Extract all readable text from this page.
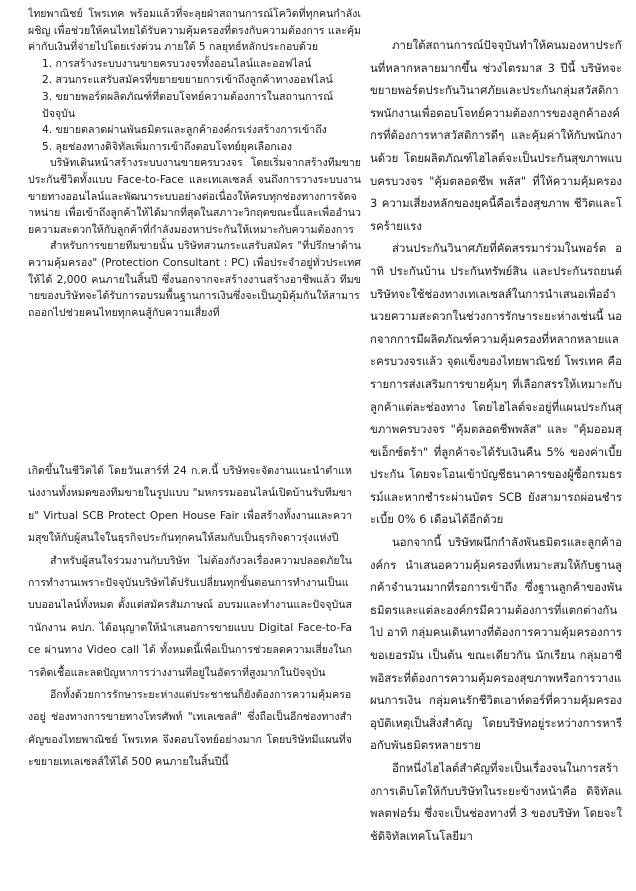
ไทยพาณิชย์ โพรเทค พร้อมแล้วที่จะลุยฝ่าสถานการณ์โควิดที่ทุกคนกำลังเผชิญ เพื่อช่วยให้คนไทยได้รับความคุ้มครองที่ตรงกับความต้องการ และคุ้มค่ากับเงินที่จ่ายไปโดยเร่งด่วน ภายใต้ 5 กลยุทธ์หลักประกอบด้วย

1. การสร้างระบบงานขายครบวงจรทั้งออนไลน์และออฟไลน์

2. สวนกระแสรับสมัครที่ขยายขยายการเข้าถึงลูกค้าทางออฟไลน์

3. ขยายพอร์ตผลิตภัณฑ์ที่ตอบโจทย์ความต้องการในสถานการณ์ปัจจุบัน

4. ขยายตลาดผ่านพันธมิตรและลูกค้าองค์กรเร่งสร้างการเข้าถึง

5. ลุยช่องทางดิจิทัลเพิ่มการเข้าถึงตอบโจทย์ยุคเลือกเอง

บริษัทเดินหน้าสร้างระบบงานขายครบวงจร โดยเริ่มจากสร้างทีมขายประกันชีวิตทั้งแบบ Face-to-Face และเทเลเซลล์ จนถึงการวางระบบงานขายทางออนไลน์และพัฒนาระบบอย่างต่อเนื่องให้ครบทุกช่องทางการจัดจำหน่าย เพื่อเข้าถึงลูกค้าให้ได้มากที่สุดในสภาวะวิกฤตขณะนี้และเพื่ออำนวยความสะดวกให้กับลูกค้าที่กำลังมองหาประกันให้เหมาะกับความต้องการ

สำหรับการขยายทีมขายนั้น บริษัทสวนกระแสรับสมัคร "ที่ปรึกษาด้านความคุ้มครอง" (Protection Consultant : PC) เพื่อประจำอยู่ทั่วประเทศให้ได้ 2,000 คนภายในสิ้นปี ซึ่งนอกจากจะสร้างงานสร้างอาชีพแล้ว ทีมขายของบริษัทจะได้รับการอบรมพื้นฐานการเงินซึ่งจะเป็นภูมิคุ้มกันให้สามารถออกไปช่วยคนไทยทุกคนสู้กับความเสี่ยงที่

เกิดขึ้นในชีวิตได้ โดยวันเสาร์ที่ 24 ก.ค.นี้ บริษัทจะจัดงานแนะนำตำแหน่งงานทั้งหมดของทีมขายในรูปแบบ "มหกรรมออนไลน์เปิดบ้านรับทีมขาย" Virtual SCB Protect Open House Fair เพื่อสร้างทั้งงานและความสุขให้กับผู้สนใจในธุรกิจประกันทุกคนให้สมกับเป็นธุรกิจดาวรุ่งแห่งปี

สำหรับผู้สนใจร่วมงานกับบริษัท ไม่ต้องกังวลเรื่องความปลอดภัยในการทำงานเพราะปัจจุบันบริษัทได้ปรับเปลี่ยนทุกขั้นตอนการทำงานเป็นแบบออนไลน์ทั้งหมด ตั้งแต่สมัครสัมภาษณ์ อบรมและทำงานและปัจจุบันสำนักงาน คปภ. ได้อนุญาตให้นำเสนอการขายแบบ Digital Face-to-Face ผ่านทาง Video call ได้ ทั้งหมดนี้เพื่อเป็นการช่วยลดความเสี่ยงในการติดเชื้อและลดปัญหาการว่างงานที่อยู่ในอัตราที่สูงมากในปัจจุบัน

อีกทั้งด้วยการรักษาระยะห่างแต่ประชาชนก็ยังต้องการความคุ้มครองอยู่ ช่องทางการขายทางโทรศัพท์ "เทเลเซลส์" ซึ่งถือเป็นอีกช่องทางสำคัญของไทยพาณิชย์ โพรเทค จึงตอบโจทย์อย่างมาก โดยบริษัทมีแผนที่จะขยายเทเลเซลส์ให้ได้ 500 คนภายในสิ้นปีนี้

ภายใต้สถานการณ์ปัจจุบันทำให้คนมองหาประกันที่หลากหลายมากขึ้น ช่วงไตรมาส 3 ปีนี้ บริษัทจะขยายพอร์ตประกันวินาศภัยและประกันกลุ่มสวัสดิการพนักงานเพื่อตอบโจทย์ความต้องการของลูกค้าองค์กรที่ต้องการหาสวัสดิการดีๆ และคุ้มค่าให้กับพนักงานด้วย โดยผลิตภัณฑ์ไฮไลต์จะเป็นประกันสุขภาพแบบครบวงจร "คุ้มตลอดชีพ พลัส" ที่ให้ความคุ้มครอง 3 ความเสี่ยงหลักของยุคนี้คือเรื่องสุขภาพ ชีวิตและโรคร้ายแรง

ส่วนประกันวินาศภัยที่คัดสรรมาร่วมในพอร์ต อาทิ ประกันบ้าน ประกันทรัพย์สิน และประกันรถยนต์ บริษัทจะใช้ช่องทางเทเลเซลส์ในการนำเสนอเพื่ออำนวยความสะดวกในช่วงการรักษาระยะห่างเช่นนี้ นอกจากการมีผลิตภัณฑ์ความคุ้มครองที่หลากหลายและครบวงจรแล้ว จุดแข็งของไทยพาณิชย์ โพรเทค คือ รายการส่งเสริมการขายคุ้มๆ ที่เลือกสรรให้เหมาะกับลูกค้าแต่ละช่องทาง โดยไฮไลต์จะอยู่ที่แผนประกันสุขภาพครบวงจร "คุ้มตลอดชีพพลัส" และ "คุ้มออมสุขเอ็กซ์ตร้า" ที่ลูกค้าจะได้รับเงินคืน 5% ของค่าเบี้ยประกัน โดยจะโอนเข้าบัญชีธนาคารของผู้ซื้อกรมธรรม์และหากชำระผ่านบัตร SCB ยังสามารถผ่อนชำระเบี้ย 0% 6 เดือนได้อีกด้วย

นอกจากนี้ บริษัทผนึกกำลังพันธมิตรและลูกค้าองค์กร นำเสนอความคุ้มครองที่เหมาะสมให้กับฐานลูกค้าจำนวนมากที่รอการเข้าถึง ซึ่งฐานลูกค้าของพันธมิตรและแต่ละองค์กรมีความต้องการที่แตกต่างกันไป อาทิ กลุ่มคนเดินทางที่ต้องการความคุ้มครองการขอเยอรมัน เป็นต้น ขณะเดียวกัน นักเรียน กลุ่มอาชีพอิสระที่ต้องการความคุ้มครองสุขภาพหรือการวางแผนการเงิน กลุ่มคนรักชีวิตเอาท์ดอร์ที่ความคุ้มครองอุบัติเหตุเป็นสิ่งสำคัญ โดยบริษัทอยู่ระหว่างการหารือกับพันธมิตรหลายราย

อีกหนึ่งไฮไลต์สำคัญที่จะเป็นเรื่องจนในการสร้างการเติบโตให้กับบริษัทในระยะข้างหน้าคือ ดิจิทัลแพลตฟอร์ม ซึ่งจะเป็นช่องทางที่ 3 ของบริษัท โดยจะใช้ดิจิทัลเทคโนโลยีมา
